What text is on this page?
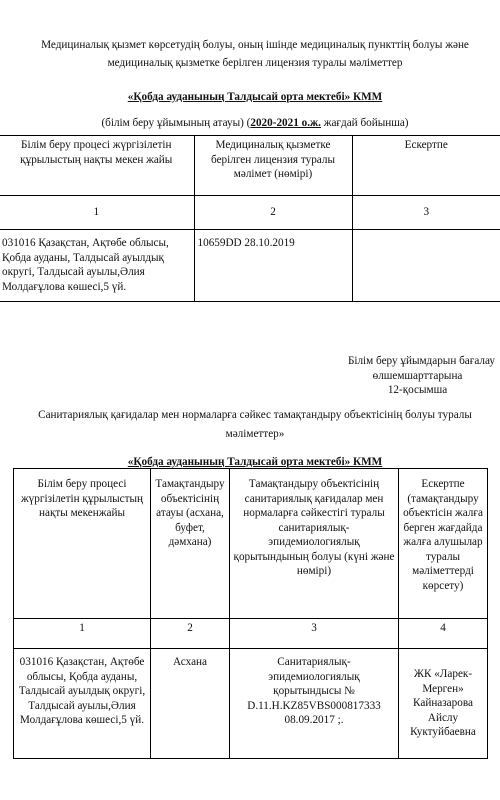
Медициналық қызмет көрсетудің болуы, оның ішінде медициналық пункттің болуы және
медициналық қызметке берілген лицензия туралы мәліметтер
«Қобда ауданының Талдысай орта мектебі» КММ
(білім беру ұйымының атауы) (2020-2021 о.ж. жағдай бойынша)
Білім беру процесі жүргізілетін құрылыстың нақты мекен жайы	Медициналық қызметке берілген лицензия туралы мәлімет (нөмірі)	Ескертпе
1	2	3
031016 Қазақстан, Ақтөбе облысы, Қобда ауданы, Талдысай ауылдық округі, Талдысай ауылы,Әлия Молдағұлова көшесі,5 үй.	10659DD 28.10.2019	
Білім беру ұйымдарын бағалау
өлшемшарттарына
12-қосымша
Санитариялық қағидалар мен нормаларға сәйкес тамақтандыру объектісінің болуы туралы
мәліметтер»
«Қобда ауданының Талдысай орта мектебі» КММ
Білім беру процесі жүргізілетін құрылыстың нақты мекенжайы	Тамақтандыру объектісінің атауы (асхана, буфет, дәмхана)	Тамақтандыру объектісінің санитариялық қағидалар мен нормаларға сәйкестігі туралы санитариялық-эпидемиологиялық қорытындының болуы (күні және нөмірі)	Ескертпе (тамақтандыру объектісін жалға берген жағдайда жалға алушылар туралы мәліметтерді көрсету)
1	2	3	4
031016 Қазақстан, Ақтөбе облысы, Қобда ауданы, Талдысай ауылдық округі, Талдысай ауылы,Әлия Молдағұлова көшесі,5 үй.	Асхана	Санитариялық-эпидемиологиялық қорытындысы № D.11.H.KZ85VBS000817333 08.09.2017 ;.	ЖК «Ларек-Мерген» Кайназарова Айслу Куктуйбаевна
